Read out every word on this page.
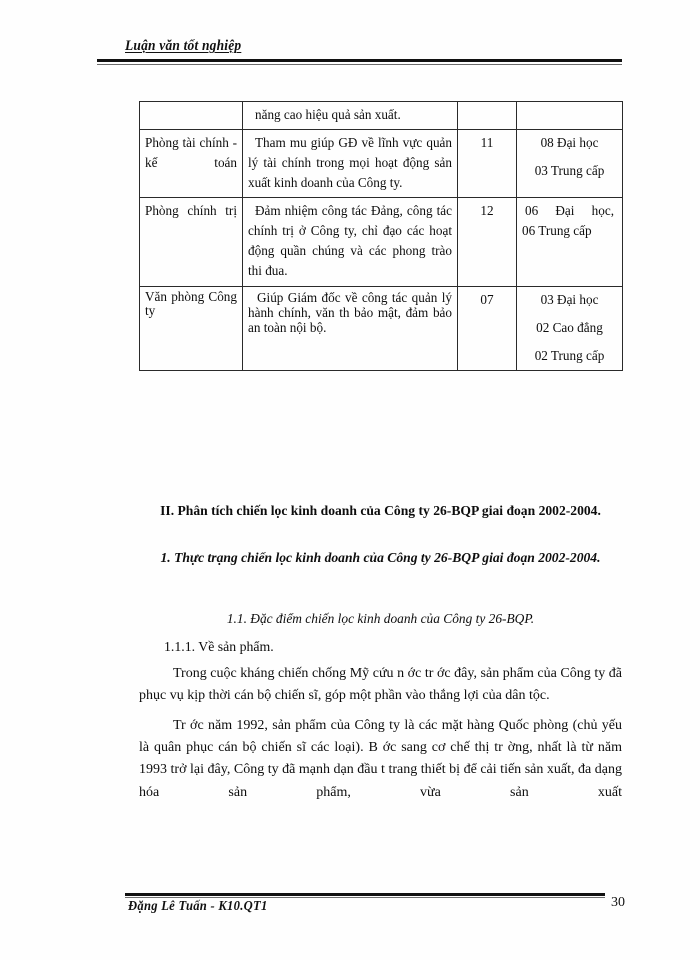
Luận văn tốt nghiệp
	năng cao hiệu quả sản xuất.		
Phòng tài chính - kế toán	Tham mu giúp GĐ về lĩnh vực quản lý tài chính trong mọi hoạt động sản xuất kinh doanh của Công ty.	11	08 Đại học
03 Trung cấp

Phòng chính trị	Đảm nhiệm công tác Đảng, công tác chính trị ở Công ty, chỉ đạo các hoạt động quần chúng và các phong trào thi đua.	12	06 Đại học,
06 Trung cấp

Văn phòng Công ty	Giúp Giám đốc về công tác quản lý hành chính, văn th bảo mật, đảm bảo an toàn nội bộ.	07	03 Đại học
02 Cao đẳng
02 Trung cấp
II. Phân tích chiến lọc kinh doanh của Công ty 26-BQP giai đoạn 2002-2004.
1. Thực trạng chiến lọc kinh doanh của Công ty 26-BQP giai đoạn 2002-2004.
1.1. Đặc điểm chiến lọc kinh doanh của Công ty 26-BQP.
1.1.1. Về sản phẩm.

Trong cuộc kháng chiến chống Mỹ cứu n ớc tr ớc đây, sản phẩm của Công ty đã phục vụ kịp thời cán bộ chiến sĩ, góp một phần vào thắng lợi của dân tộc.

Tr ớc năm 1992, sản phẩm của Công ty là các mặt hàng Quốc phòng (chủ yếu là quân phục cán bộ chiến sĩ các loại). B ớc sang cơ chế thị tr ờng, nhất là từ năm 1993 trở lại đây, Công ty đã mạnh dạn đầu t trang thiết bị để cải tiến sản xuất, đa dạng hóa sản phẩm, vừa sản xuất

Đặng Lê Tuấn - K10.QT1	30
